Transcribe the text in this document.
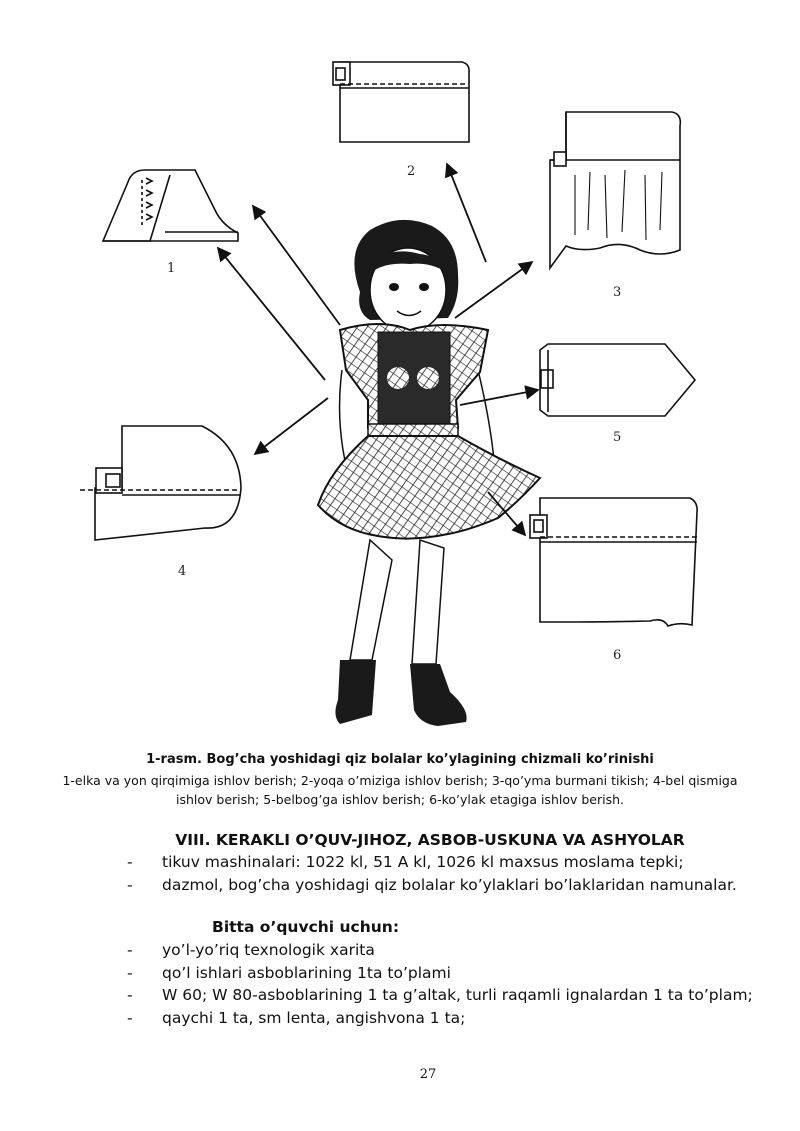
1
2
3
4
5
6
1-rasm. Bog’cha yoshidagi qiz bolalar ko’ylagining chizmali ko’rinishi
1-elka va yon qirqimiga ishlov berish; 2-yoqa o’miziga ishlov berish; 3-qo’yma burmani tikish; 4-bel qismiga ishlov berish; 5-belbog’ga ishlov berish; 6-ko’ylak etagiga ishlov berish.
VIII. KERAKLI O’QUV-JIHOZ, ASBOB-USKUNA VA ASHYOLAR
- tikuv mashinalari: 1022 kl, 51 A kl, 1026 kl maxsus moslama tepki;
- dazmol, bog’cha yoshidagi qiz bolalar ko’ylaklari bo’laklaridan namunalar.
Bitta o’quvchi uchun:
- yo’l-yo’riq texnologik xarita
- qo’l ishlari asboblarining 1ta to’plami
- W 60; W 80-asboblarining 1 ta g’altak, turli raqamli ignalardan 1 ta to’plam;
- qaychi 1 ta, sm lenta, angishvona 1 ta;
27
